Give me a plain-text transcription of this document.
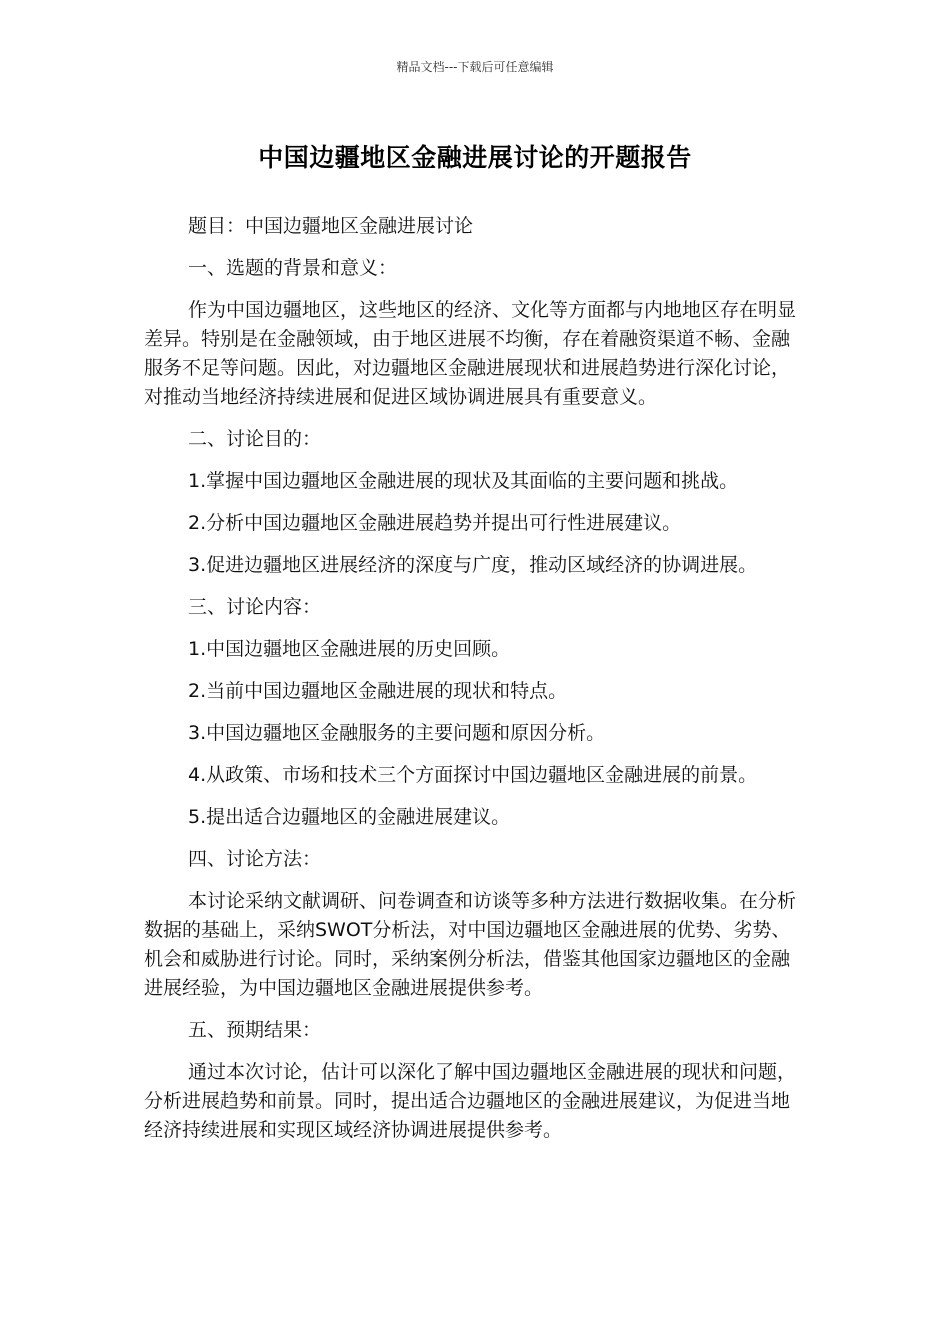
精品文档---下载后可任意编辑
中国边疆地区金融进展讨论的开题报告

题目：中国边疆地区金融进展讨论

一、选题的背景和意义：

作为中国边疆地区，这些地区的经济、文化等方面都与内地地区存在明显差异。特别是在金融领域，由于地区进展不均衡，存在着融资渠道不畅、金融服务不足等问题。因此，对边疆地区金融进展现状和进展趋势进行深化讨论，对推动当地经济持续进展和促进区域协调进展具有重要意义。

二、讨论目的：

1.掌握中国边疆地区金融进展的现状及其面临的主要问题和挑战。

2.分析中国边疆地区金融进展趋势并提出可行性进展建议。

3.促进边疆地区进展经济的深度与广度，推动区域经济的协调进展。

三、讨论内容：

1.中国边疆地区金融进展的历史回顾。

2.当前中国边疆地区金融进展的现状和特点。

3.中国边疆地区金融服务的主要问题和原因分析。

4.从政策、市场和技术三个方面探讨中国边疆地区金融进展的前景。

5.提出适合边疆地区的金融进展建议。

四、讨论方法：

本讨论采纳文献调研、问卷调查和访谈等多种方法进行数据收集。在分析数据的基础上，采纳SWOT分析法，对中国边疆地区金融进展的优势、劣势、机会和威胁进行讨论。同时，采纳案例分析法，借鉴其他国家边疆地区的金融进展经验，为中国边疆地区金融进展提供参考。

五、预期结果：

通过本次讨论，估计可以深化了解中国边疆地区金融进展的现状和问题，分析进展趋势和前景。同时，提出适合边疆地区的金融进展建议，为促进当地经济持续进展和实现区域经济协调进展提供参考。
